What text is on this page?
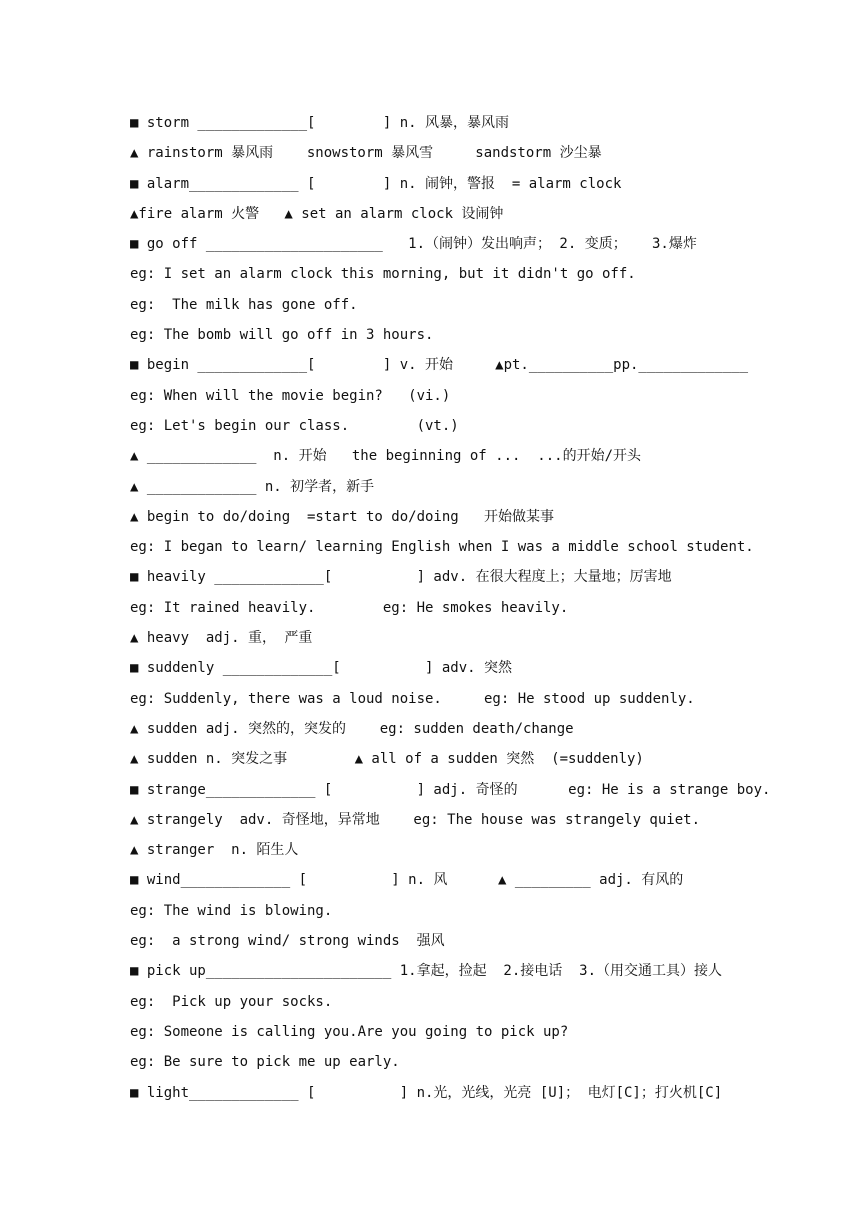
■ storm _____________[        ] n. 风暴，暴风雨
▲ rainstorm 暴风雨    snowstorm 暴风雪     sandstorm 沙尘暴
■ alarm_____________ [        ] n. 闹钟，警报  = alarm clock
▲fire alarm 火警   ▲ set an alarm clock 设闹钟
■ go off _____________________   1.（闹钟）发出响声； 2. 变质；   3.爆炸
eg: I set an alarm clock this morning, but it didn't go off.
eg:  The milk has gone off.
eg: The bomb will go off in 3 hours.
■ begin _____________[        ] v. 开始     ▲pt.__________pp._____________
eg: When will the movie begin?   (vi.)
eg: Let's begin our class.        (vt.)
▲ _____________  n. 开始   the beginning of ...  ...的开始/开头
▲ _____________ n. 初学者，新手
▲ begin to do/doing  =start to do/doing   开始做某事
eg: I began to learn/ learning English when I was a middle school student.
■ heavily _____________[          ] adv. 在很大程度上；大量地；厉害地
eg: It rained heavily.        eg: He smokes heavily.
▲ heavy  adj. 重， 严重
■ suddenly _____________[          ] adv. 突然
eg: Suddenly, there was a loud noise.     eg: He stood up suddenly.
▲ sudden adj. 突然的，突发的    eg: sudden death/change
▲ sudden n. 突发之事        ▲ all of a sudden 突然  (=suddenly)
■ strange_____________ [          ] adj. 奇怪的      eg: He is a strange boy.
▲ strangely  adv. 奇怪地，异常地    eg: The house was strangely quiet.
▲ stranger  n. 陌生人
■ wind_____________ [          ] n. 风      ▲ _________ adj. 有风的
eg: The wind is blowing.
eg:  a strong wind/ strong winds  强风
■ pick up______________________ 1.拿起，捡起  2.接电话  3.（用交通工具）接人
eg:  Pick up your socks.
eg: Someone is calling you.Are you going to pick up?
eg: Be sure to pick me up early.
■ light_____________ [          ] n.光，光线，光亮 [U]； 电灯[C]；打火机[C]
